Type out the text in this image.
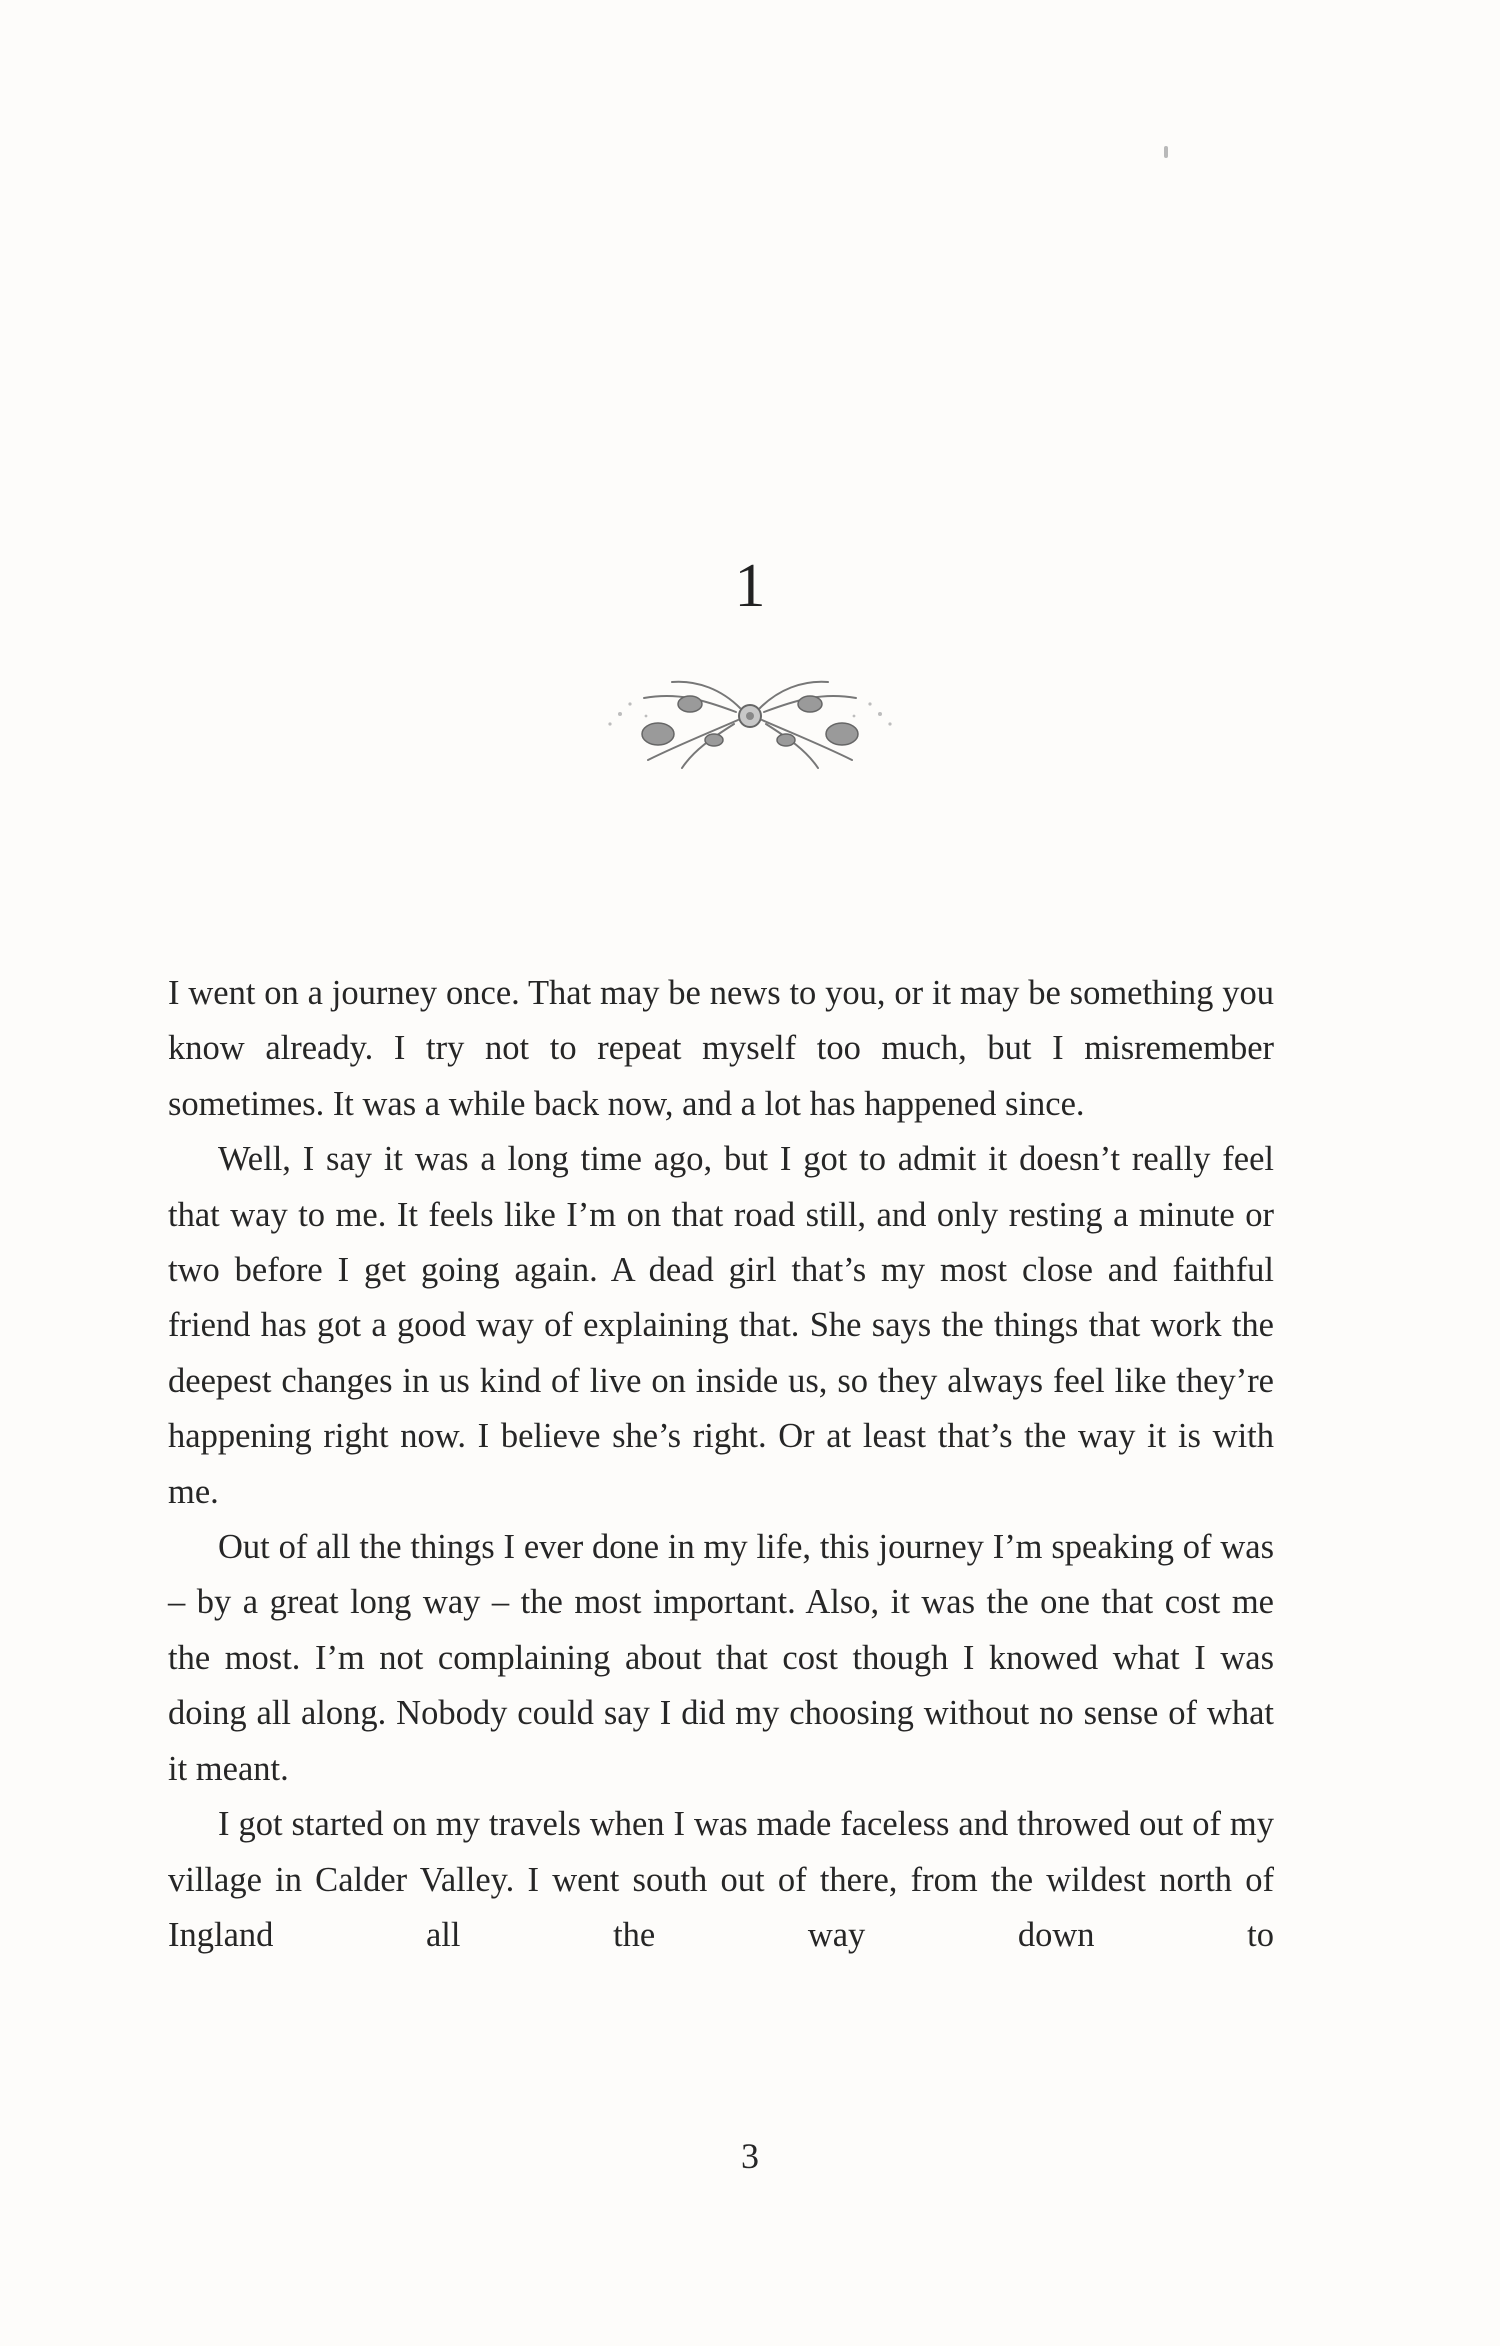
1

I went on a journey once. That may be news to you, or it may be something you know already. I try not to repeat myself too much, but I misremember sometimes. It was a while back now, and a lot has happened since.

Well, I say it was a long time ago, but I got to admit it doesn’t really feel that way to me. It feels like I’m on that road still, and only resting a minute or two before I get going again. A dead girl that’s my most close and faithful friend has got a good way of explaining that. She says the things that work the deepest changes in us kind of live on inside us, so they always feel like they’re happening right now. I believe she’s right. Or at least that’s the way it is with me.

Out of all the things I ever done in my life, this journey I’m speaking of was – by a great long way – the most important. Also, it was the one that cost me the most. I’m not complaining about that cost though I knowed what I was doing all along. Nobody could say I did my choosing without no sense of what it meant.

I got started on my travels when I was made faceless and throwed out of my village in Calder Valley. I went south out of there, from the wildest north of Ingland all the way down to

3
